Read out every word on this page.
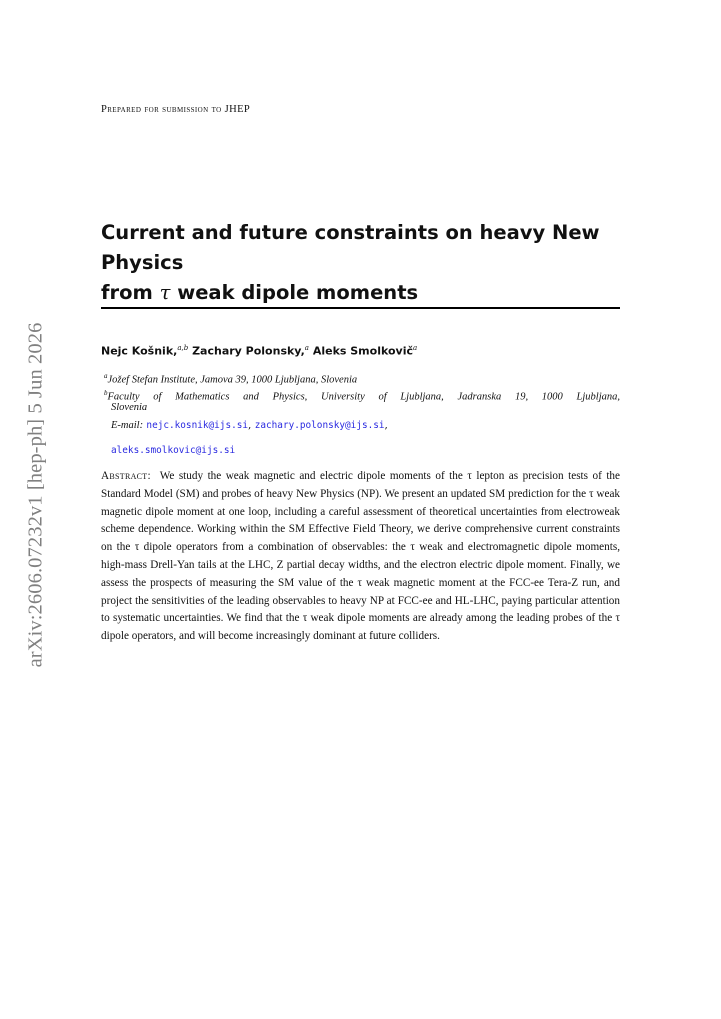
arXiv:2606.07232v1 [hep-ph] 5 Jun 2026
Prepared for submission to JHEP
Current and future constraints on heavy New Physics
from τ weak dipole moments
Nejc Košnik,$^{a,b}$ Zachary Polonsky,$^a$ Aleks Smolkovič$^a$
$^a$Jožef Stefan Institute, Jamova 39, 1000 Ljubljana, Slovenia
$^b$Faculty of Mathematics and Physics, University of Ljubljana, Jadranska 19, 1000 Ljubljana,
Slovenia
E-mail: nejc.kosnik@ijs.si, zachary.polonsky@ijs.si,
aleks.smolkovic@ijs.si

Abstract: We study the weak magnetic and electric dipole moments of the τ lepton as precision tests of the Standard Model (SM) and probes of heavy New Physics (NP). We present an updated SM prediction for the τ weak magnetic dipole moment at one loop, including a careful assessment of theoretical uncertainties from electroweak scheme dependence. Working within the SM Effective Field Theory, we derive comprehensive current constraints on the τ dipole operators from a combination of observables: the τ weak and electromagnetic dipole moments, high-mass Drell-Yan tails at the LHC, Z partial decay widths, and the electron electric dipole moment. Finally, we assess the prospects of measuring the SM value of the τ weak magnetic moment at the FCC-ee Tera-Z run, and project the sensitivities of the leading observables to heavy NP at FCC-ee and HL-LHC, paying particular attention to systematic uncertainties. We find that the τ weak dipole moments are already among the leading probes of the τ dipole operators, and will become increasingly dominant at future colliders.
